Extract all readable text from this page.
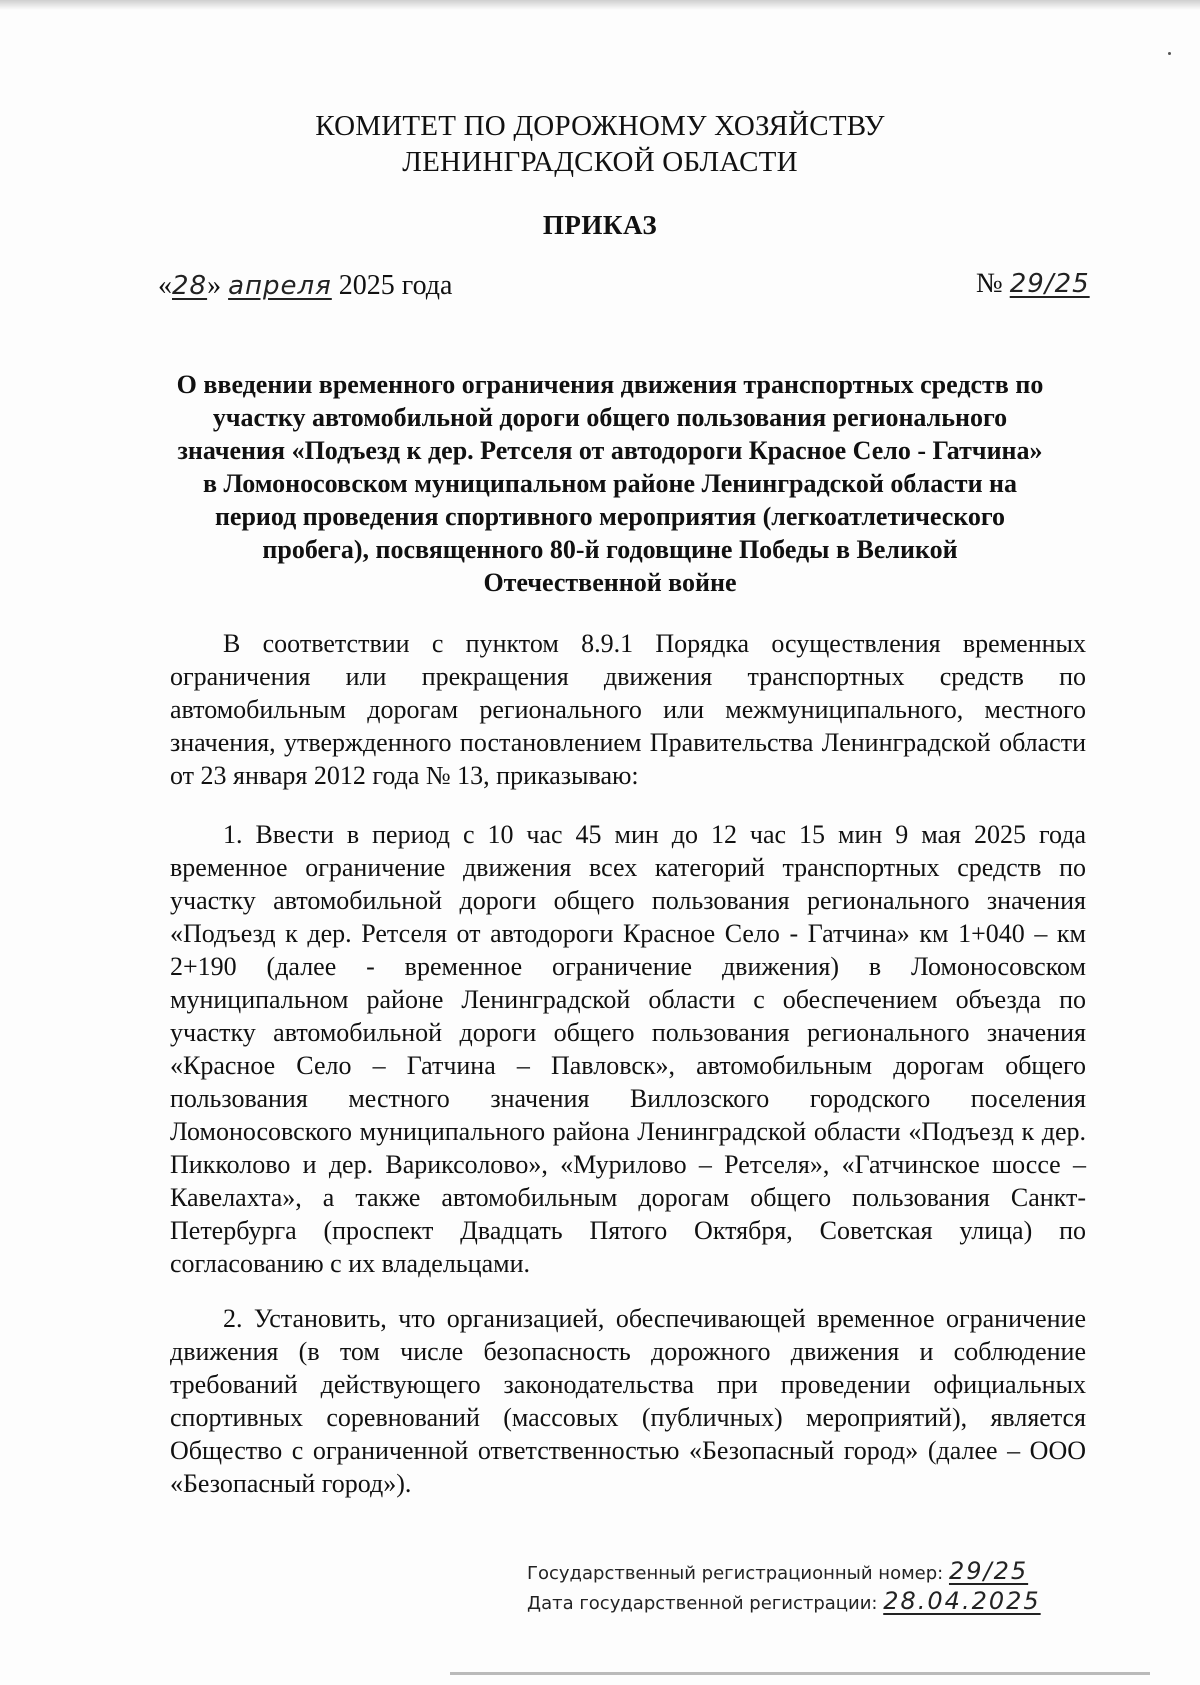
КОМИТЕТ ПО ДОРОЖНОМУ ХОЗЯЙСТВУ
ЛЕНИНГРАДСКОЙ ОБЛАСТИ
ПРИКАЗ
«28» апреля 2025 года	№ 29/25
О введении временного ограничения движения транспортных средств по участку автомобильной дороги общего пользования регионального значения «Подъезд к дер. Ретселя от автодороги Красное Село - Гатчина» в Ломоносовском муниципальном районе Ленинградской области на период проведения спортивного мероприятия (легкоатлетического пробега), посвященного 80-й годовщине Победы в Великой Отечественной войне

В соответствии с пунктом 8.9.1 Порядка осуществления временных ограничения или прекращения движения транспортных средств по автомобильным дорогам регионального или межмуниципального, местного значения, утвержденного постановлением Правительства Ленинградской области от 23 января 2012 года № 13, приказываю:

1. Ввести в период с 10 час 45 мин до 12 час 15 мин 9 мая 2025 года временное ограничение движения всех категорий транспортных средств по участку автомобильной дороги общего пользования регионального значения «Подъезд к дер. Ретселя от автодороги Красное Село - Гатчина» км 1+040 – км 2+190 (далее - временное ограничение движения) в Ломоносовском муниципальном районе Ленинградской области с обеспечением объезда по участку автомобильной дороги общего пользования регионального значения «Красное Село – Гатчина – Павловск», автомобильным дорогам общего пользования местного значения Виллозского городского поселения Ломоносовского муниципального района Ленинградской области «Подъезд к дер. Пикколово и дер. Вариксолово», «Мурилово – Ретселя», «Гатчинское шоссе – Кавелахта», а также автомобильным дорогам общего пользования Санкт-Петербурга (проспект Двадцать Пятого Октября, Советская улица) по согласованию с их владельцами.

2. Установить, что организацией, обеспечивающей временное ограничение движения (в том числе безопасность дорожного движения и соблюдение требований действующего законодательства при проведении официальных спортивных соревнований (массовых (публичных) мероприятий), является Общество с ограниченной ответственностью «Безопасный город» (далее – ООО «Безопасный город»).

Государственный регистрационный номер: 29/25
Дата государственной регистрации: 28.04.2025
